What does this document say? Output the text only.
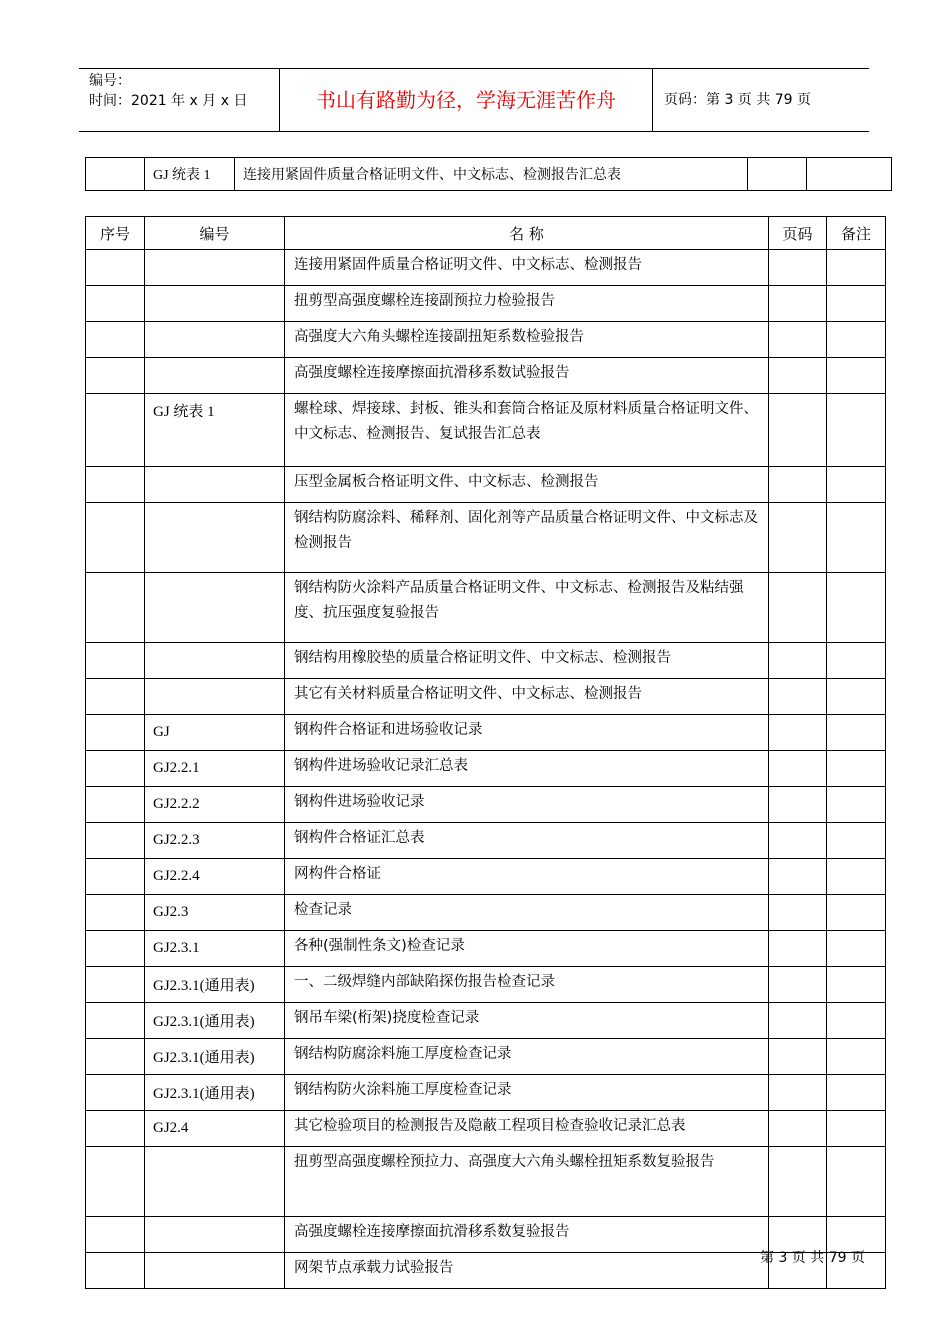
编号：
时间：2021 年 x 月 x 日	书山有路勤为径，学海无涯苦作舟	页码：第 3 页 共 79 页
	GJ 统表 1	连接用紧固件质量合格证明文件、中文标志、检测报告汇总表		
序号	编号	名 称	页码	备注
		连接用紧固件质量合格证明文件、中文标志、检测报告		
		扭剪型高强度螺栓连接副预拉力检验报告		
		高强度大六角头螺栓连接副扭矩系数检验报告		
		高强度螺栓连接摩擦面抗滑移系数试验报告		
	GJ 统表 1	螺栓球、焊接球、封板、锥头和套筒合格证及原材料质量合格证明文件、中文标志、检测报告、复试报告汇总表		
		压型金属板合格证明文件、中文标志、检测报告		
		钢结构防腐涂料、稀释剂、固化剂等产品质量合格证明文件、中文标志及检测报告		
		钢结构防火涂料产品质量合格证明文件、中文标志、检测报告及粘结强度、抗压强度复验报告		
		钢结构用橡胶垫的质量合格证明文件、中文标志、检测报告		
		其它有关材料质量合格证明文件、中文标志、检测报告		
	GJ	钢构件合格证和进场验收记录		
	GJ2.2.1	钢构件进场验收记录汇总表		
	GJ2.2.2	钢构件进场验收记录		
	GJ2.2.3	钢构件合格证汇总表		
	GJ2.2.4	网构件合格证		
	GJ2.3	检查记录		
	GJ2.3.1	各种(强制性条文)检查记录		
	GJ2.3.1(通用表)	一、二级焊缝内部缺陷探伤报告检查记录		
	GJ2.3.1(通用表)	钢吊车梁(桁架)挠度检查记录		
	GJ2.3.1(通用表)	钢结构防腐涂料施工厚度检查记录		
	GJ2.3.1(通用表)	钢结构防火涂料施工厚度检查记录		
	GJ2.4	其它检验项目的检测报告及隐蔽工程项目检查验收记录汇总表		
		扭剪型高强度螺栓预拉力、高强度大六角头螺栓扭矩系数复验报告		
		高强度螺栓连接摩擦面抗滑移系数复验报告		
		网架节点承载力试验报告		
第 3 页 共 79 页
